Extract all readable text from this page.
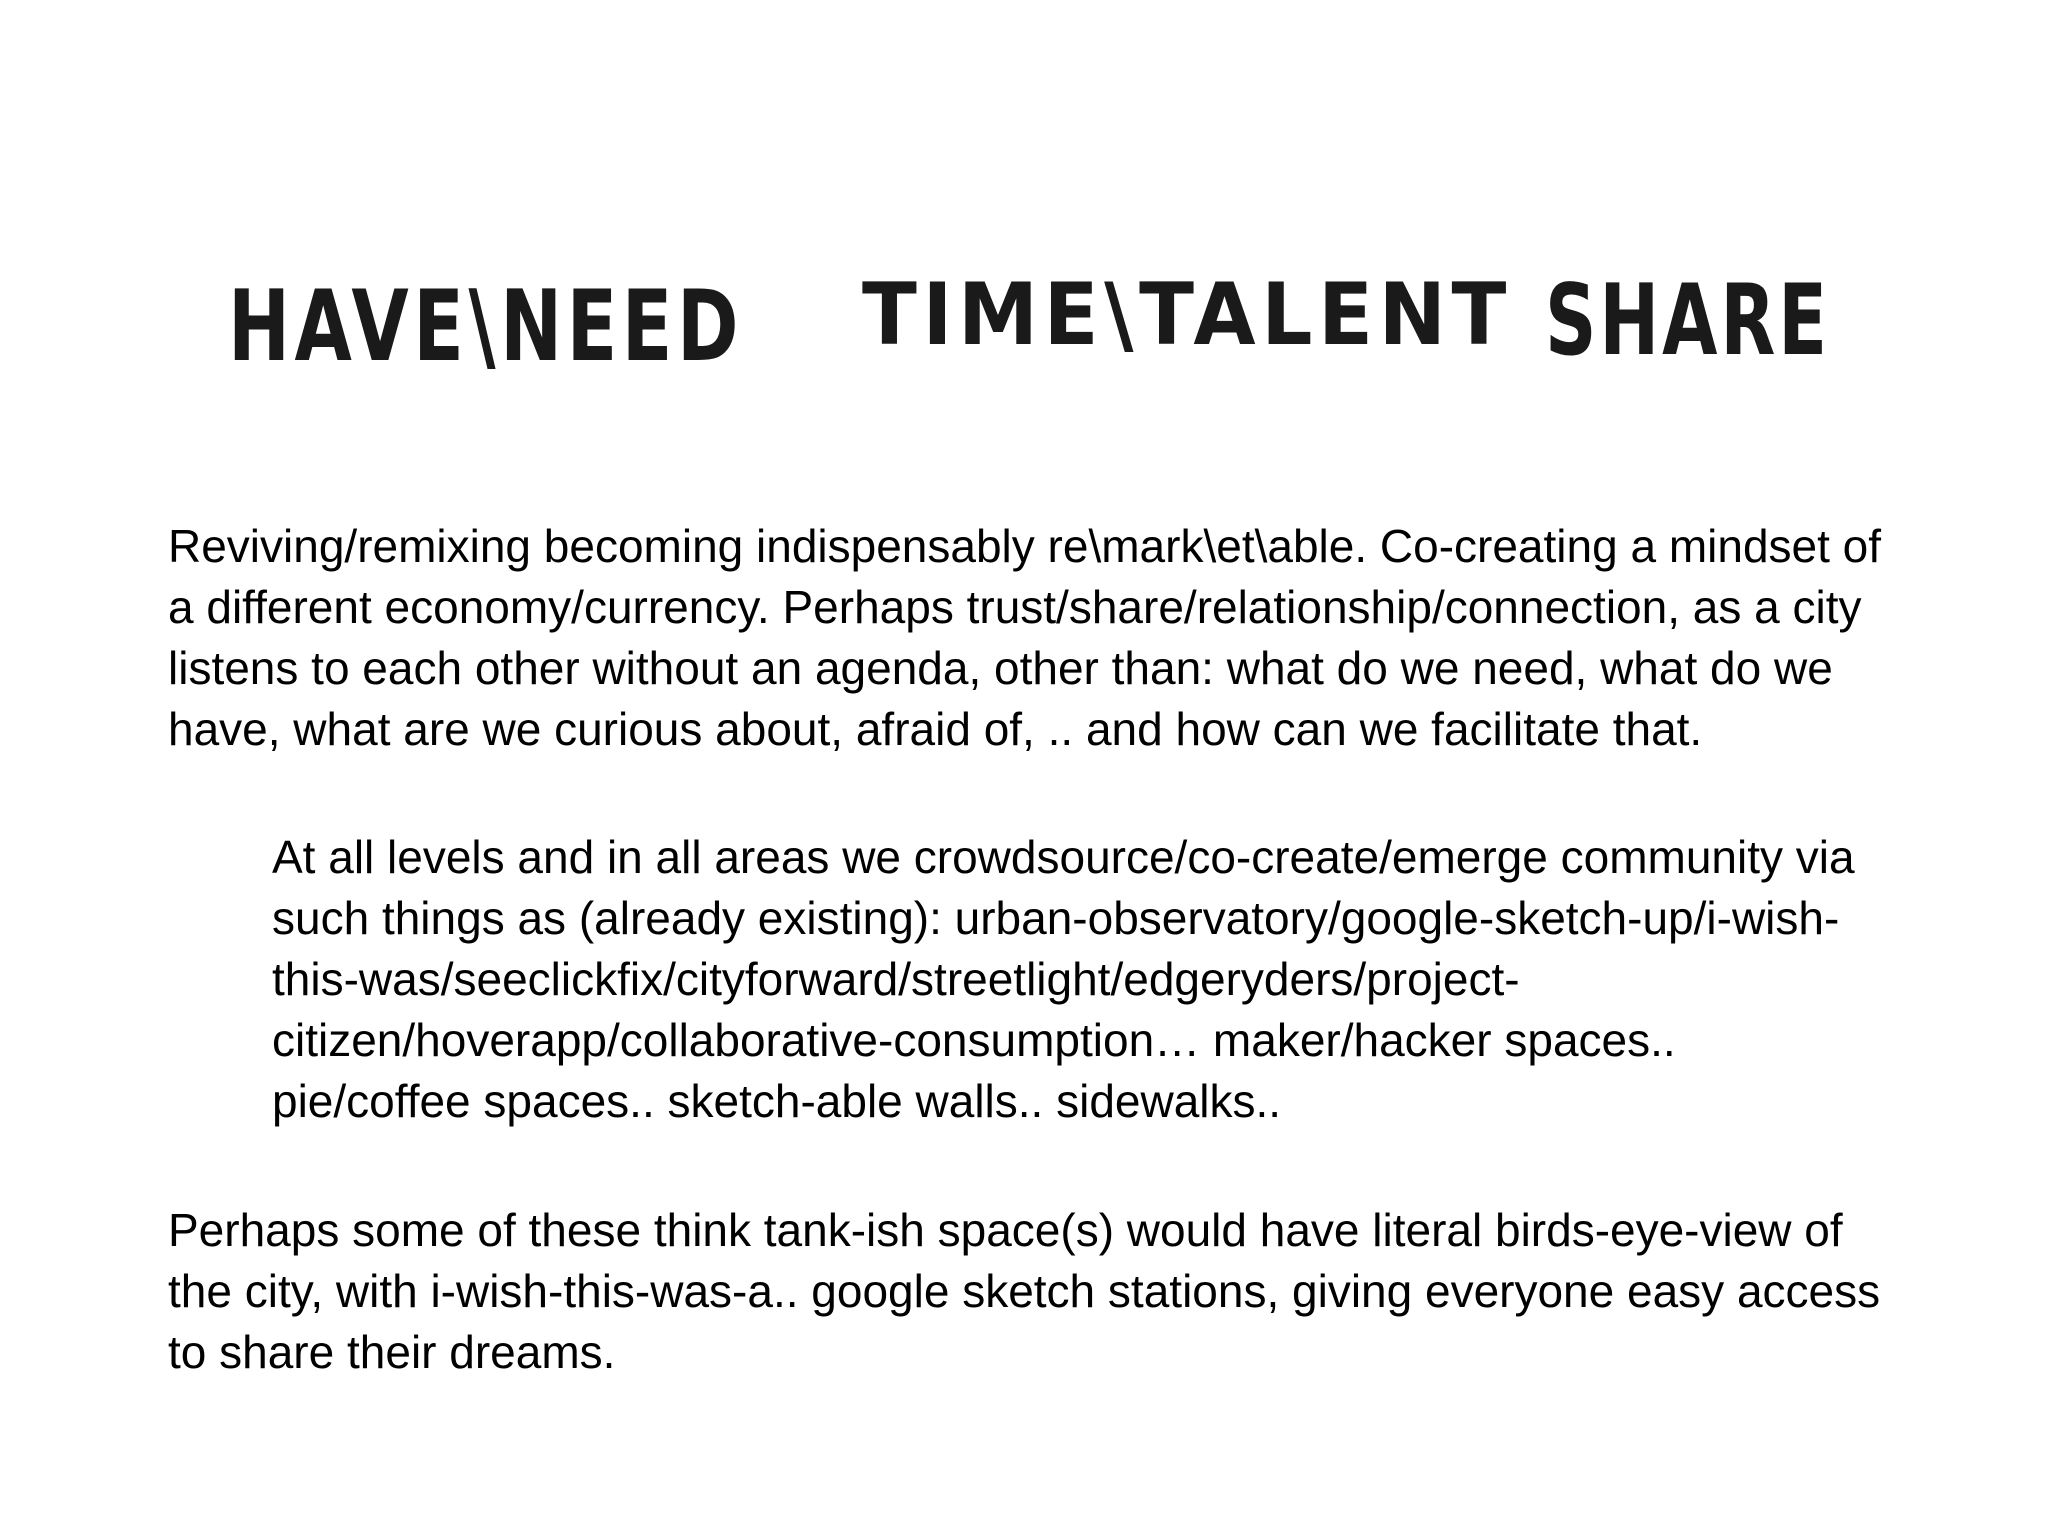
HAVE\NEED TIME\TALENT SHARE

Reviving/remixing becoming indispensably re\mark\et\able. Co-creating a mindset of
a different economy/currency. Perhaps trust/share/relationship/connection, as a city
listens to each other without an agenda, other than: what do we need, what do we
have, what are we curious about, afraid of, .. and how can we facilitate that.

At all levels and in all areas we crowdsource/co-create/emerge community via
such things as (already existing): urban-observatory/google-sketch-up/i-wish-
this-was/seeclickfix/cityforward/streetlight/edgeryders/project-
citizen/hoverapp/collaborative-consumption… maker/hacker spaces..
pie/coffee spaces.. sketch-able walls.. sidewalks..

Perhaps some of these think tank-ish space(s) would have literal birds-eye-view of
the city, with i-wish-this-was-a.. google sketch stations, giving everyone easy access
to share their dreams.
